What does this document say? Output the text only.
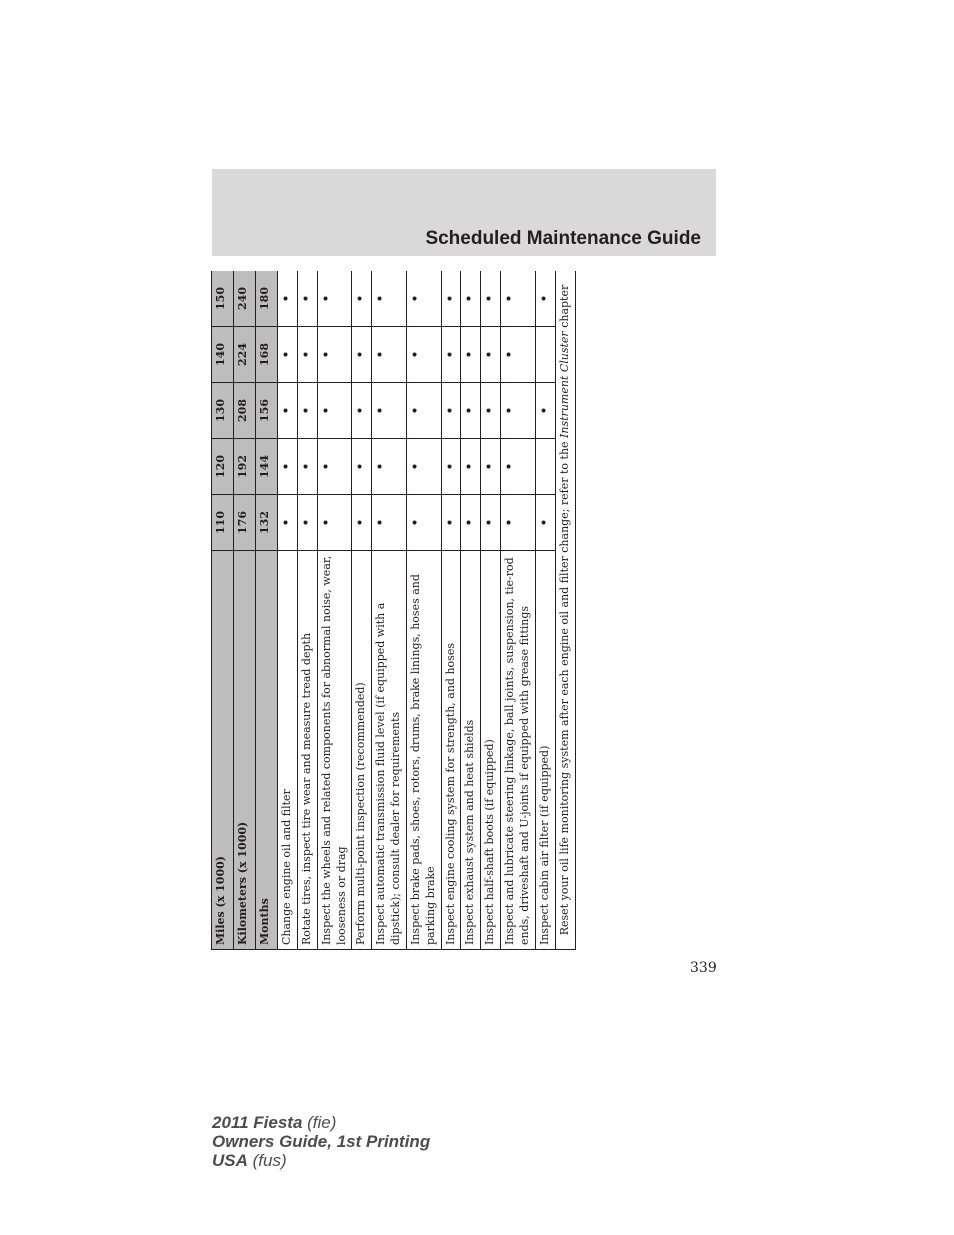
Scheduled Maintenance Guide
Miles (x 1000)	110	120	130	140	150
Kilometers (x 1000)	176	192	208	224	240
Months	132	144	156	168	180
Change engine oil and filter	•	•	•	•	•
Rotate tires, inspect tire wear and measure tread depth	•	•	•	•	•
Inspect the wheels and related components for abnormal noise, wear, looseness or drag	•	•	•	•	•
Perform multi-point inspection (recommended)	•	•	•	•	•
Inspect automatic transmission fluid level (if equipped with a dipstick); consult dealer for requirements	•	•	•	•	•
Inspect brake pads, shoes, rotors, drums, brake linings, hoses and parking brake	•	•	•	•	•
Inspect engine cooling system for strength, and hoses	•	•	•	•	•
Inspect exhaust system and heat shields	•	•	•	•	•
Inspect half-shaft boots (if equipped)	•	•	•	•	•
Inspect and lubricate steering linkage, ball joints, suspension, tie-rod ends, driveshaft and U-joints if equipped with grease fittings	•	•	•	•	•
Inspect cabin air filter (if equipped)	•		•		•
Reset your oil life monitoring system after each engine oil and filter change; refer to the Instrument Cluster chapter					
339
2011 Fiesta (fie)
Owners Guide, 1st Printing
USA (fus)
